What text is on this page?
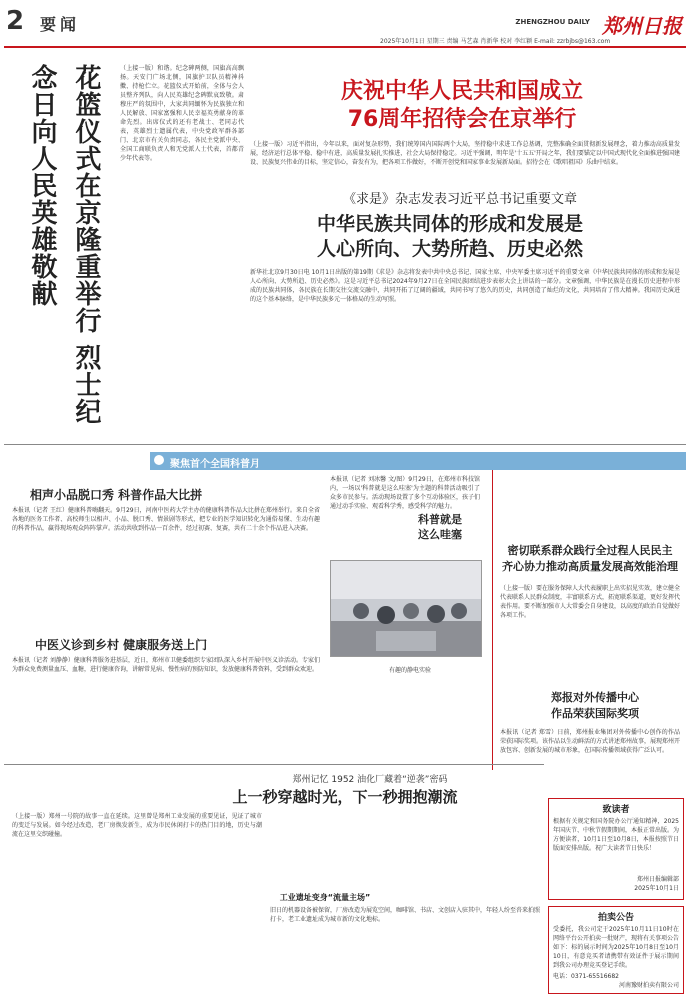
2 要闻	ZHENGZHOU DAILY 郑州日报
2025年10月1日 星期三 责编 马艺森 肖新华 校对 李红颖 E-mail: zzrbjbs@163.com
花篮仪式在京隆重举行 烈士纪念日向人民英雄敬献	（上接一版）和谐。纪念碑两侧，国旗高高飘扬。天安门广场北侧，国旗护卫队员精神抖擞、持枪伫立。花篮仪式开始前，全体与会人员整齐列队，向人民英雄纪念碑默哀致敬。肃穆庄严的氛围中，大家共同缅怀为民族独立和人民解放、国家富强和人民幸福英勇献身的革命先烈。出席仪式的还有老战士、老同志代表，英雄烈士遗属代表，中央党政军群各部门、北京市有关负责同志，各民主党派中央、全国工商联负责人和无党派人士代表，首都青少年代表等。
庆祝中华人民共和国成立
76周年招待会在京举行
（上接一版）习近平指出，今年以来，面对复杂形势，我们统筹国内国际两个大局，坚持稳中求进工作总基调，完整准确全面贯彻新发展理念，着力推动高质量发展，经济运行总体平稳、稳中有进，高质量发展扎实推进，社会大局保持稳定。习近平强调，明年是'十五五'开局之年，我们要锚定以中国式现代化全面推进强国建设、民族复兴伟业的目标，坚定信心，奋发有为，把各项工作做好，不断开创党和国家事业发展新局面。招待会在《歌唱祖国》乐曲中结束。
《求是》杂志发表习近平总书记重要文章
中华民族共同体的形成和发展是
人心所向、大势所趋、历史必然
新华社北京9月30日电 10月1日出版的第19期《求是》杂志将发表中共中央总书记、国家主席、中央军委主席习近平的重要文章《中华民族共同体的形成和发展是人心所向、大势所趋、历史必然》。这是习近平总书记2024年9月27日在全国民族团结进步表彰大会上讲话的一部分。文章强调，中华民族是在漫长历史进程中形成的民族共同体，各民族在长期交往交流交融中，共同开拓了辽阔的疆域，共同书写了悠久的历史，共同创造了灿烂的文化，共同培育了伟大精神。我国历史演进的这个基本脉络，是中华民族多元一体格局的生动写照。
聚焦首个全国科普月
相声小品脱口秀 科普作品大比拼
本报讯（记者 王红）健康科普嗨翻天。9月29日，河南中医药大学主办的健康科普作品大比拼在郑州举行。来自全省各地的医务工作者、高校师生以相声、小品、脱口秀、情景剧等形式，把专业的医学知识转化为通俗易懂、生动有趣的科普作品，赢得现场观众阵阵掌声。活动共收到作品一百余件，经过初赛、复赛，共有二十余个作品进入决赛。
中医义诊到乡村 健康服务送上门
本报讯（记者 刘静静）健康科普服务进基层，近日，郑州市卫健委组织专家团队深入乡村开展中医义诊活动。专家们为群众免费测量血压、血糖，进行健康咨询，讲解常见病、慢性病的预防知识，发放健康科普资料，受到群众欢迎。
科普就是
这么哇塞
本报讯（记者 刘冰馨 文/图）9月29日，在郑州市科技馆内，一场以'科普就是这么哇塞'为主题的科普活动吸引了众多市民参与。活动现场设置了多个互动体验区，孩子们通过动手实验、观看科学秀，感受科学的魅力。
有趣的静电实验
密切联系群众践行全过程人民民主
齐心协力推动高质量发展高效能治理
（上接一版）要在服务保障人大代表履职上出实招见实效，建立健全代表联系人民群众制度，丰富联系方式，拓宽联系渠道，更好发挥代表作用。要不断加强市人大常委会自身建设，以高度的政治自觉做好各项工作。
郑报对外传播中心
作品荣获国际奖项
本报讯（记者 郑雪）日前，郑州报业集团对外传播中心创作的作品荣获国际奖项。该作品以生动鲜活的方式讲述郑州故事，展现郑州开放包容、创新发展的城市形象，在国际传播领域获得广泛认可。
致读者
根据有关规定和国务院办公厅通知精神，2025年国庆节、中秋节假期期间，本报正常出版。为方便读者，10月1日至10月8日，本报按照节日版面安排出版。祝广大读者节日快乐！
郑州日报编辑部
2025年10月1日
拍卖公告
受委托，我公司定于2025年10月11日10时在网络平台公开拍卖一批财产，现将有关事项公告如下：标的展示时间为2025年10月8日至10月10日，有意竞买者请携带有效证件于展示期间到我公司办理竞买登记手续。
电话：0371-65516682
河南豫财拍卖有限公司
郑州记忆 1952 油化厂藏着“逆袭”密码
上一秒穿越时光，下一秒拥抱潮流
（上接一版）郑州一号院的故事一直在延续。这里曾是郑州工业发展的重要见证，见证了城市的变迁与发展。如今经过改造，老厂房焕发新生，成为市民休闲打卡的热门目的地，历史与潮流在这里交织碰撞。
工业遗址变身“流量主场”
旧日的机器设备被保留，厂房改造为展览空间，咖啡馆、书店、文创店入驻其中，年轻人纷至沓来拍照打卡，老工业遗址成为城市新的文化地标。
